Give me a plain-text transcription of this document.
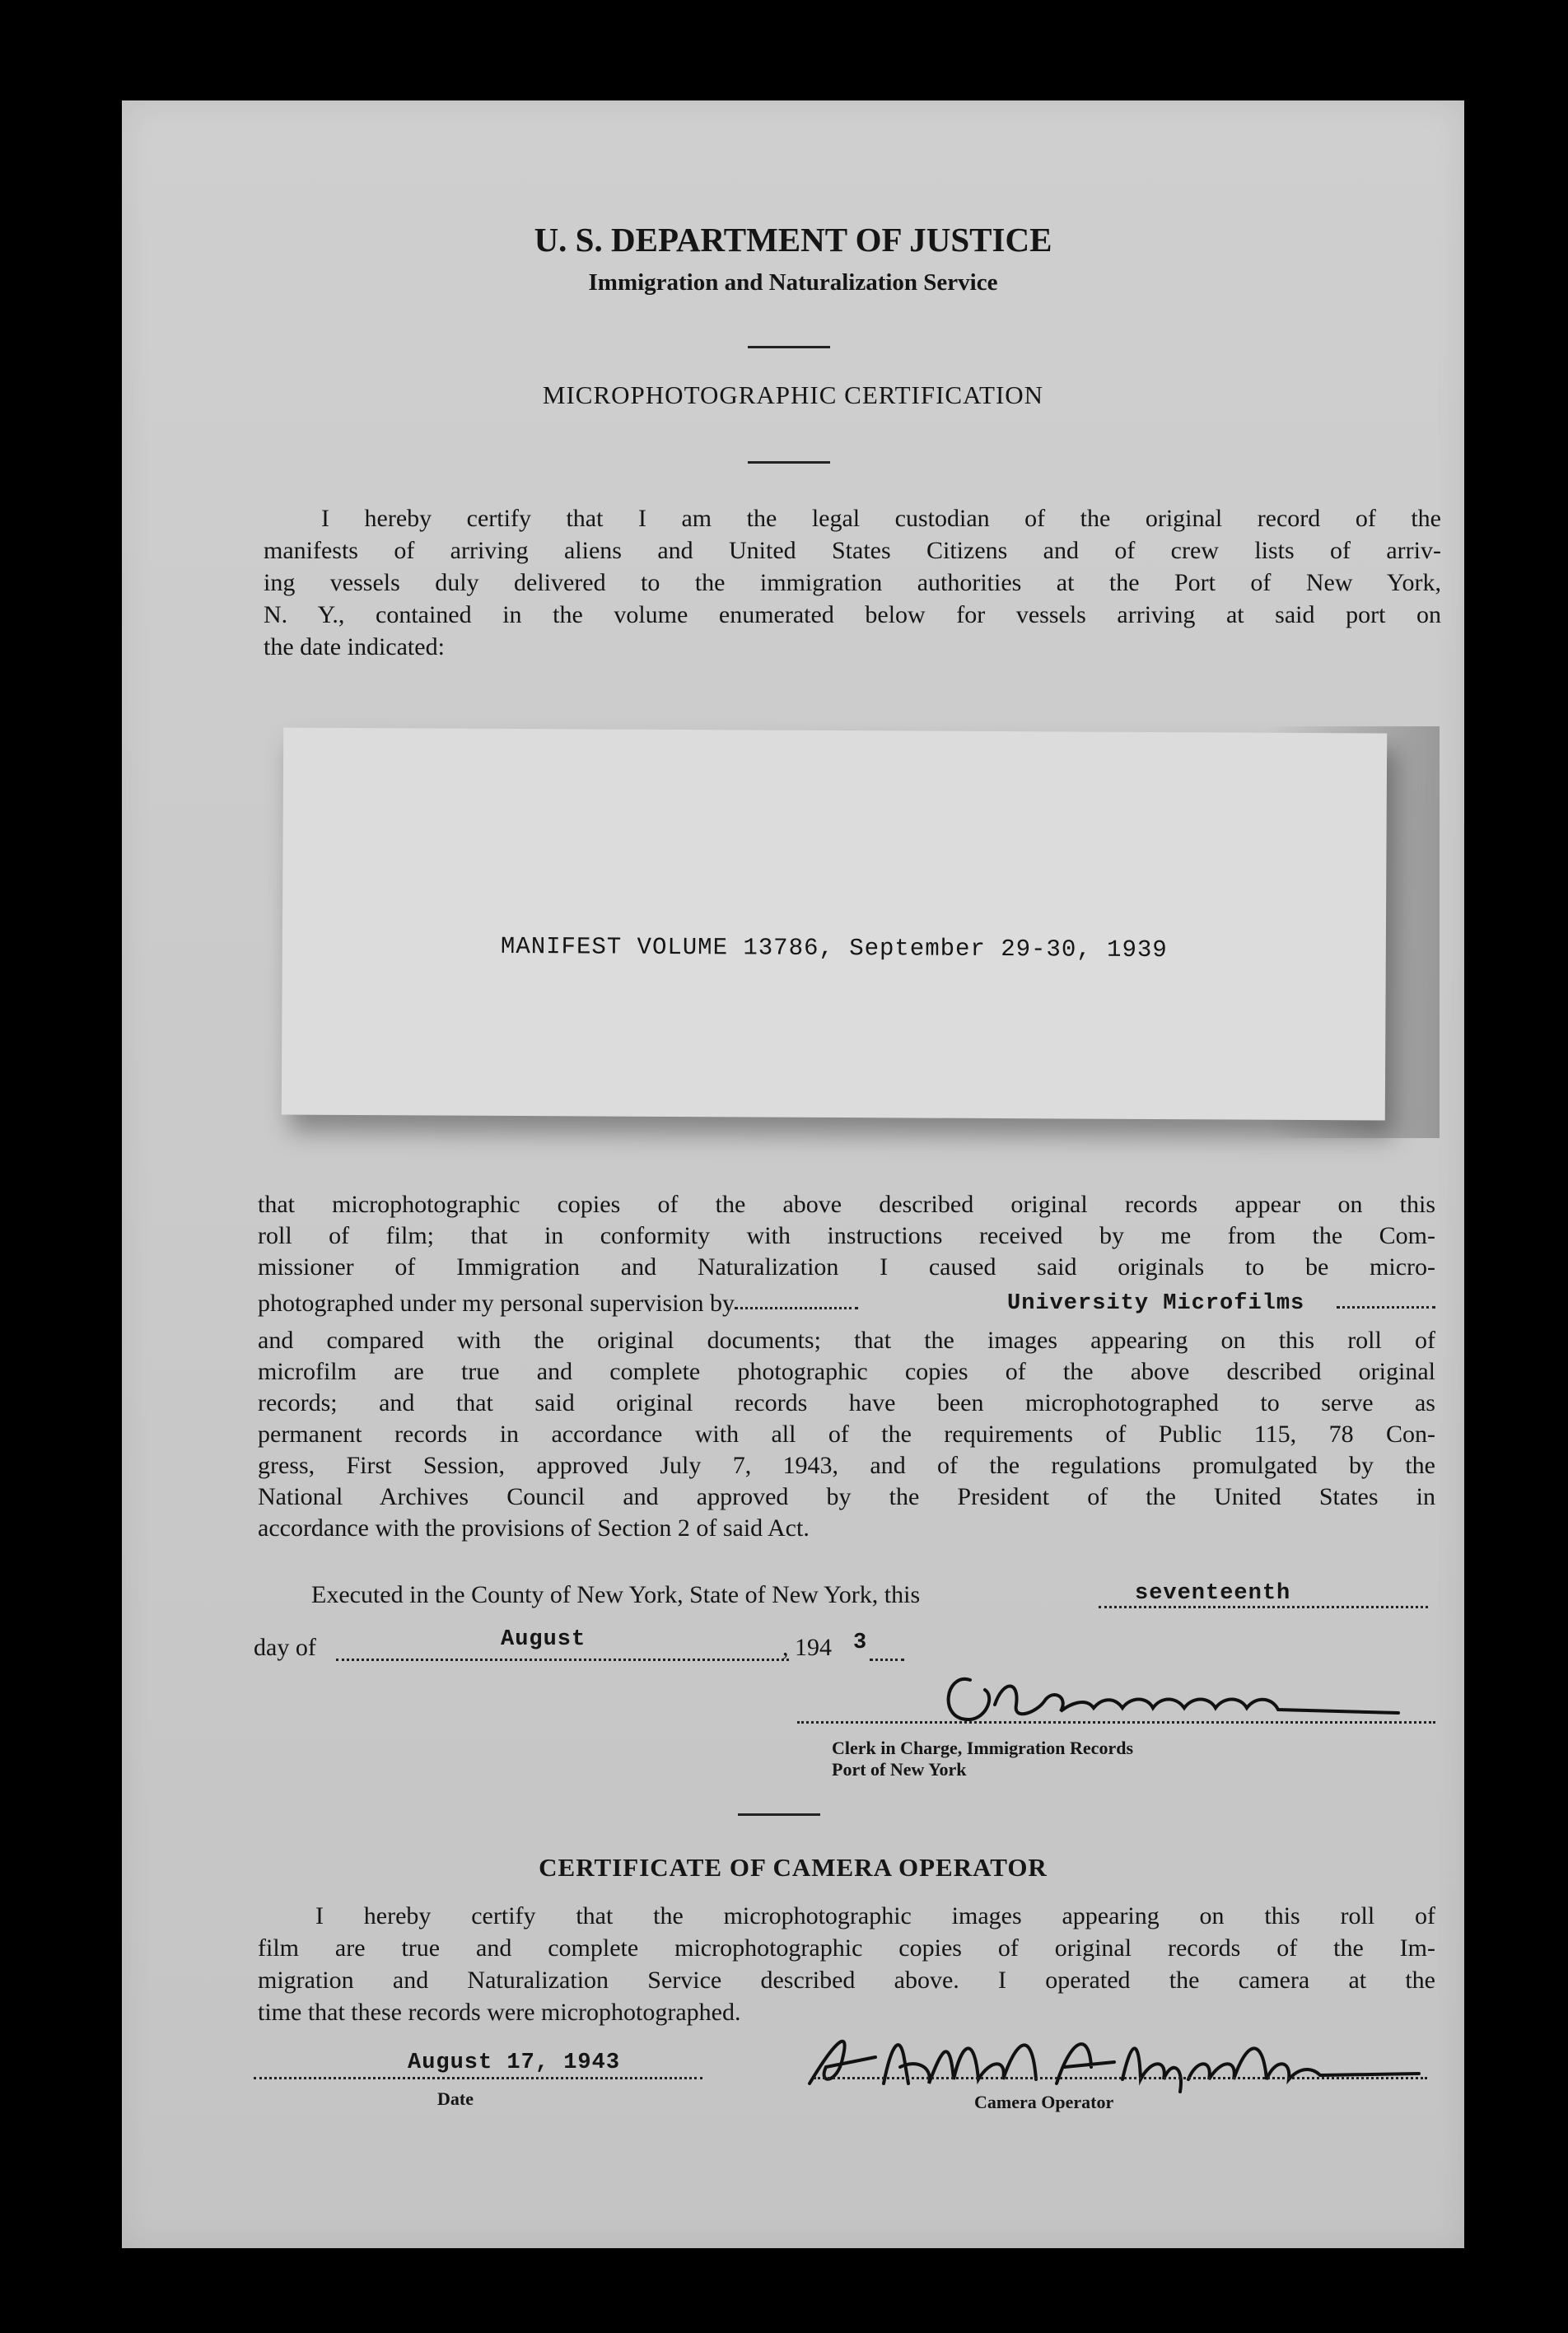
U. S. DEPARTMENT OF JUSTICE
Immigration and Naturalization Service
MICROPHOTOGRAPHIC CERTIFICATION
I hereby certify that I am the legal custodian of the original record of the
manifests of arriving aliens and United States Citizens and of crew lists of arriv-
ing vessels duly delivered to the immigration authorities at the Port of New York,
N. Y., contained in the volume enumerated below for vessels arriving at said port on
the date indicated:
MANIFEST VOLUME 13786, September 29-30, 1939
that microphotographic copies of the above described original records appear on this
roll of film; that in conformity with instructions received by me from the Com-
missioner of Immigration and Naturalization I caused said originals to be micro-
photographed under my personal supervision by	University Microfilms
and compared with the original documents; that the images appearing on this roll of
microfilm are true and complete photographic copies of the above described original
records; and that said original records have been microphotographed to serve as
permanent records in accordance with all of the requirements of Public 115, 78 Con-
gress, First Session, approved July 7, 1943, and of the regulations promulgated by the
National Archives Council and approved by the President of the United States in
accordance with the provisions of Section 2 of said Act.
Executed in the County of New York, State of New York, this	seventeenth
day of	August	, 194 3	Geo. Lucas
Clerk in Charge, Immigration Records
Port of New York
CERTIFICATE OF CAMERA OPERATOR
I hereby certify that the microphotographic images appearing on this roll of
film are true and complete microphotographic copies of original records of the Im-
migration and Naturalization Service described above. I operated the camera at the
time that these records were microphotographed.
August 17, 1943
Date
Hallah Alexander
Camera Operator
